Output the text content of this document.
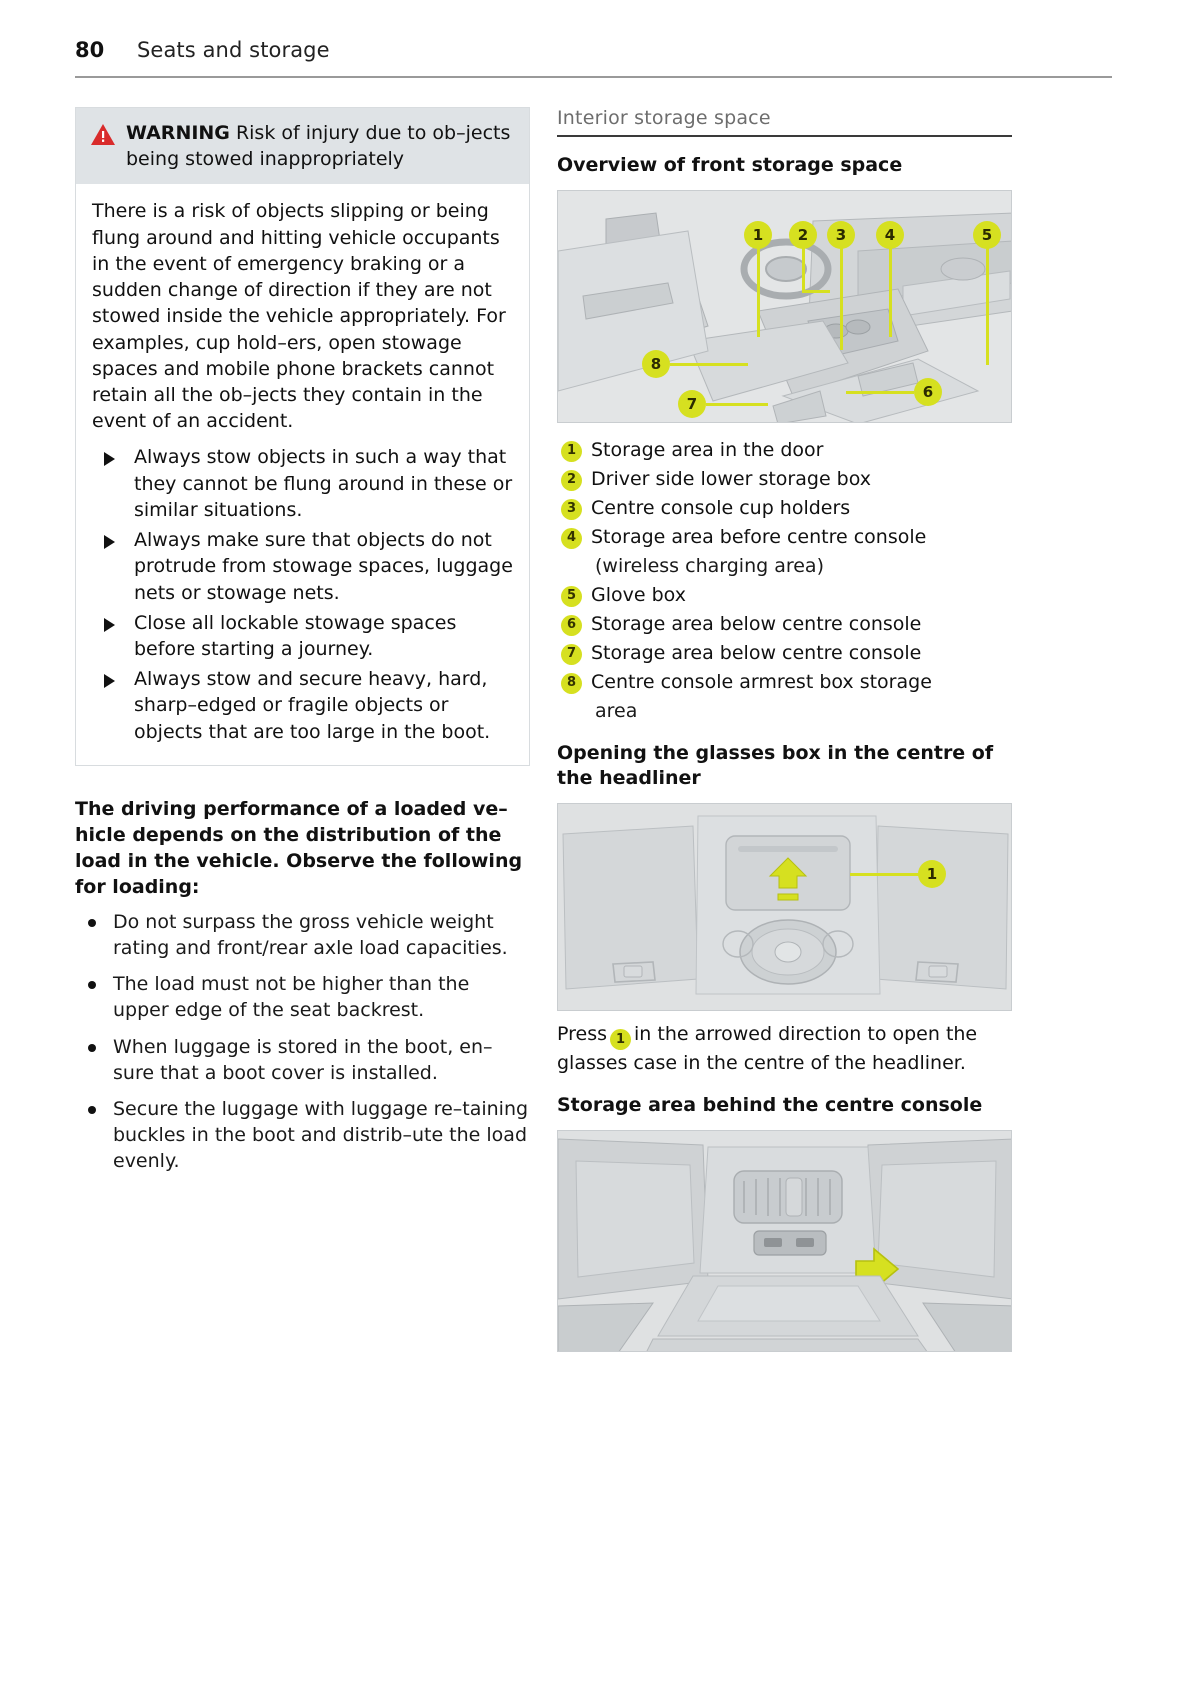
80	Seats and storage
WARNING Risk of injury due to ob–jects being stowed inappropriately

There is a risk of objects slipping or being flung around and hitting vehicle occupants in the event of emergency braking or a sudden change of direction if they are not stowed inside the vehicle appropriately. For examples, cup hold–ers, open stowage spaces and mobile phone brackets cannot retain all the ob–jects they contain in the event of an accident.

Always stow objects in such a way that they cannot be flung around in these or similar situations.
Always make sure that objects do not protrude from stowage spaces, luggage nets or stowage nets.
Close all lockable stowage spaces before starting a journey.
Always stow and secure heavy, hard, sharp–edged or fragile objects or objects that are too large in the boot.
The driving performance of a loaded ve–hicle depends on the distribution of the load in the vehicle. Observe the following for loading:
Do not surpass the gross vehicle weight rating and front/rear axle load capacities.
The load must not be higher than the upper edge of the seat backrest.
When luggage is stored in the boot, en–sure that a boot cover is installed.
Secure the luggage with luggage re–taining buckles in the boot and distrib–ute the load evenly.
Interior storage space
Overview of front storage space
1	2	3	4	5
6
7
8
1 Storage area in the door
2 Driver side lower storage box
3 Centre console cup holders
4 Storage area before centre console
(wireless charging area)
5 Glove box
6 Storage area below centre console
7 Storage area below centre console
8 Centre console armrest box storage
area
Opening the glasses box in the centre of the headliner
1

Press 1 in the arrowed direction to open the glasses case in the centre of the headliner.

Storage area behind the centre console
